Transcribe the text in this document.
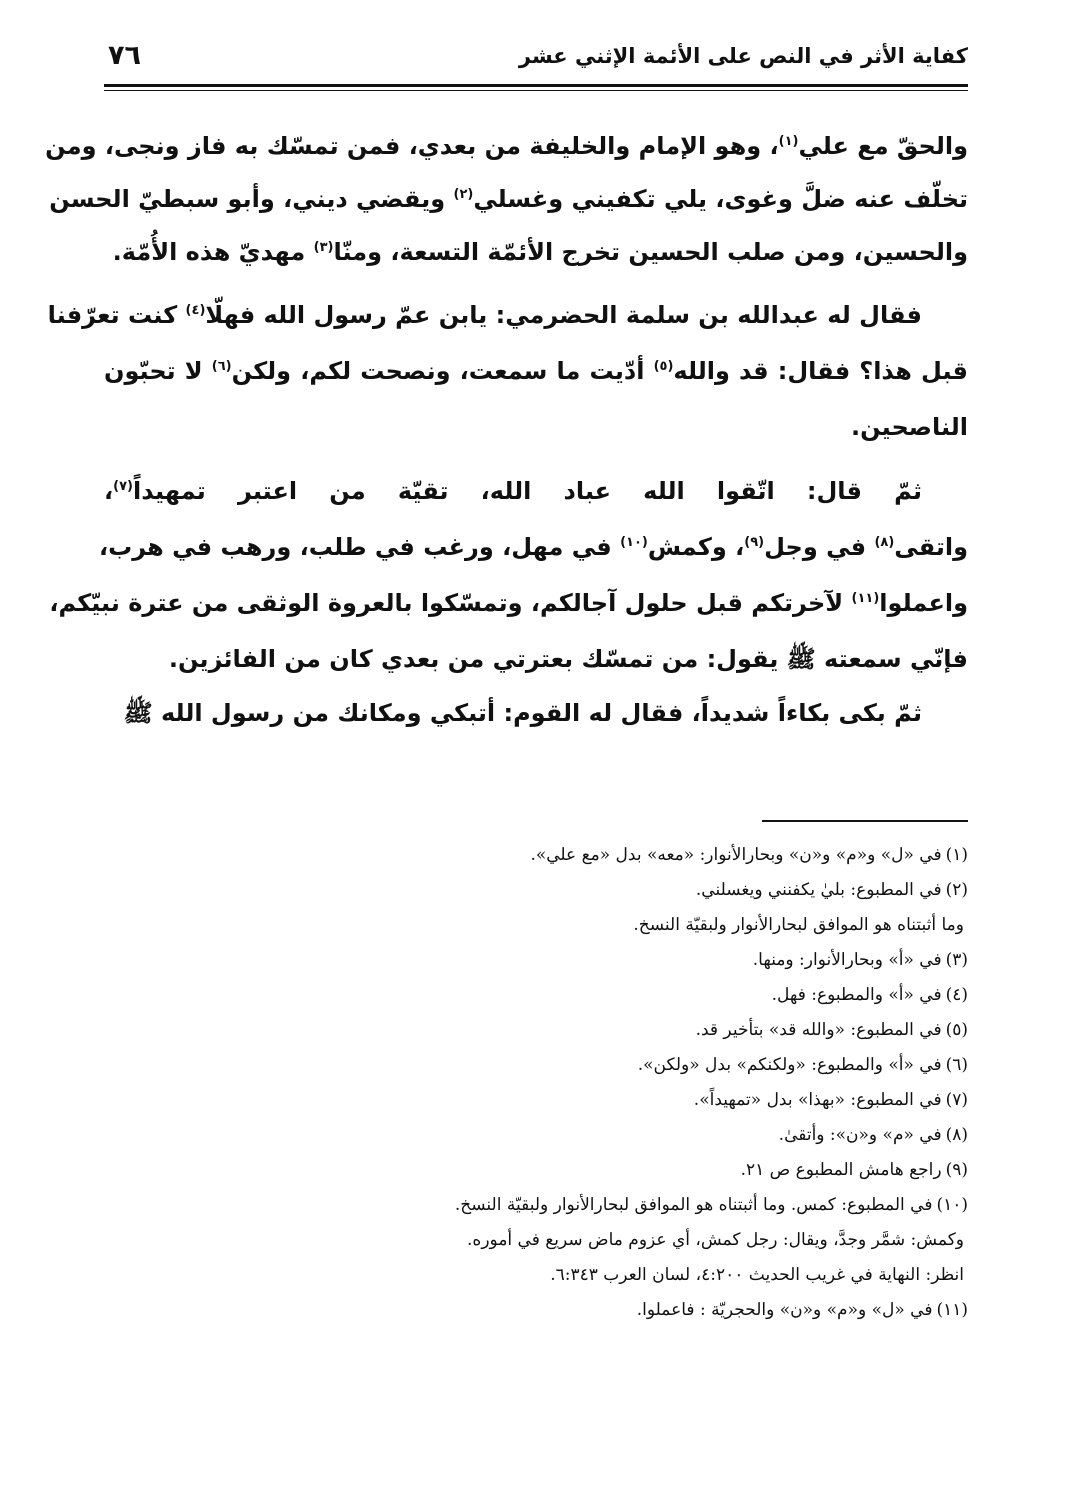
كفاية الأثر في النص على الأئمة الإثني عشر
٧٦
والحقّ مع علي$^{(١)}$، وهو الإمام والخليفة من بعدي، فمن تمسّك به فاز ونجى، ومن
تخلّف عنه ضلَّ وغوى، يلي تكفيني وغسلي$^{(٢)}$ ويقضي ديني، وأبو سبطيّ الحسن
والحسين، ومن صلب الحسين تخرج الأئمّة التسعة، ومنّا$^{(٣)}$ مهديّ هذه الأُمّة.
فقال له عبدالله بن سلمة الحضرمي: يابن عمّ رسول الله فهلّا$^{(٤)}$ كنت تعرّفنا
قبل هذا؟ فقال: قد والله$^{(٥)}$ أدّيت ما سمعت، ونصحت لكم، ولكن$^{(٦)}$ لا تحبّون
الناصحين.
ثمّ قال: اتّقوا الله عباد الله، تقيّة من اعتبر تمهيداً$^{(٧)}$،
واتقى$^{(٨)}$ في وجل$^{(٩)}$، وكمش$^{(١٠)}$ في مهل، ورغب في طلب، ورهب في هرب،
واعملوا$^{(١١)}$ لآخرتكم قبل حلول آجالكم، وتمسّكوا بالعروة الوثقى من عترة نبيّكم،
فإنّي سمعته ﷺ يقول: من تمسّك بعترتي من بعدي كان من الفائزين.
ثمّ بكى بكاءاً شديداً، فقال له القوم: أتبكي ومكانك من رسول الله ﷺ
(١)في «ل» و«م» و«ن» وبحارالأنوار: «معه» بدل «مع علي».
(٢)في المطبوع: بليٰ يكفنني ويغسلني.
وما أثبتناه هو الموافق لبحارالأنوار ولبقيّة النسخ.
(٣)في «أ» وبحارالأنوار: ومنها.
(٤)في «أ» والمطبوع: فهل.
(٥)في المطبوع: «والله قد» بتأخير قد.
(٦)في «أ» والمطبوع: «ولكنكم» بدل «ولكن».
(٧)في المطبوع: «بهذا» بدل «تمهيداً».
(٨)في «م» و«ن»: وأتقىٰ.
(٩)راجع هامش المطبوع ص ٢١.
(١٠)في المطبوع: كمس. وما أثبتناه هو الموافق لبحارالأنوار ولبقيّة النسخ.
وكمش: شمَّر وجدَّ، ويقال: رجل كمش، أي عزوم ماض سريع في أموره.
انظر: النهاية في غريب الحديث ٤:٢٠٠، لسان العرب ٦:٣٤٣.
(١١)في «ل» و«م» و«ن» والحجريّة : فاعملوا.
